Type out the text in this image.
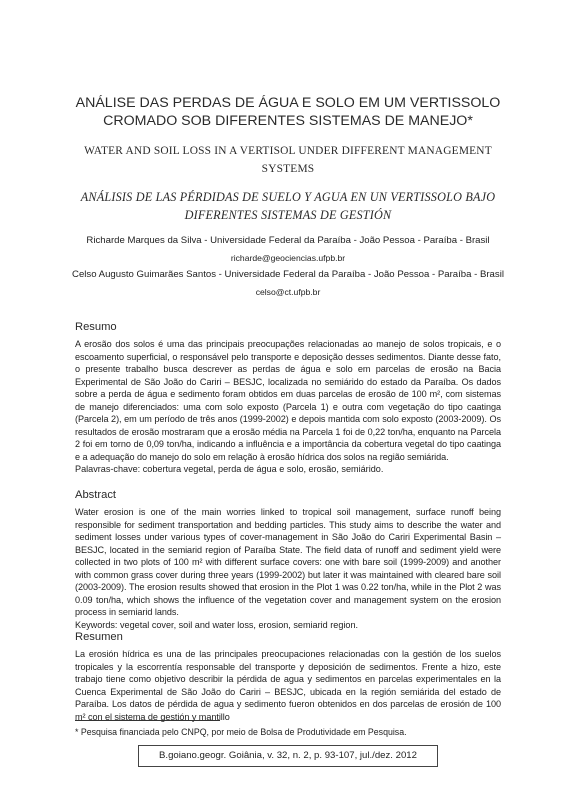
ANÁLISE DAS PERDAS DE ÁGUA E SOLO EM UM VERTISSOLO CROMADO SOB DIFERENTES SISTEMAS DE MANEJO*
WATER AND SOIL LOSS IN A VERTISOL UNDER DIFFERENT MANAGEMENT SYSTEMS
ANÁLISIS DE LAS PÉRDIDAS DE SUELO Y AGUA EN UN VERTISSOLO BAJO DIFERENTES SISTEMAS DE GESTIÓN
Richarde Marques da Silva - Universidade Federal da Paraíba - João Pessoa - Paraíba - Brasil
richarde@geociencias.ufpb.br
Celso Augusto Guimarães Santos - Universidade Federal da Paraíba - João Pessoa - Paraíba - Brasil
celso@ct.ufpb.br
Resumo

A erosão dos solos é uma das principais preocupações relacionadas ao manejo de solos tropicais, e o escoamento superficial, o responsável pelo transporte e deposição desses sedimentos. Diante desse fato, o presente trabalho busca descrever as perdas de água e solo em parcelas de erosão na Bacia Experimental de São João do Cariri – BESJC, localizada no semiárido do estado da Paraíba. Os dados sobre a perda de água e sedimento foram obtidos em duas parcelas de erosão de 100 m², com sistemas de manejo diferenciados: uma com solo exposto (Parcela 1) e outra com vegetação do tipo caatinga (Parcela 2), em um período de três anos (1999-2002) e depois mantida com solo exposto (2003-2009). Os resultados de erosão mostraram que a erosão média na Parcela 1 foi de 0,22 ton/ha, enquanto na Parcela 2 foi em torno de 0,09 ton/ha, indicando a influência e a importância da cobertura vegetal do tipo caatinga e a adequação do manejo do solo em relação à erosão hídrica dos solos na região semiárida.

Palavras-chave: cobertura vegetal, perda de água e solo, erosão, semiárido.
Abstract

Water erosion is one of the main worries linked to tropical soil management, surface runoff being responsible for sediment transportation and bedding particles. This study aims to describe the water and sediment losses under various types of cover-management in São João do Cariri Experimental Basin – BESJC, located in the semiarid region of Paraíba State. The field data of runoff and sediment yield were collected in two plots of 100 m² with different surface covers: one with bare soil (1999-2009) and another with common grass cover during three years (1999-2002) but later it was maintained with cleared bare soil (2003-2009). The erosion results showed that erosion in the Plot 1 was 0.22 ton/ha, while in the Plot 2 was 0.09 ton/ha, which shows the influence of the vegetation cover and management system on the erosion process in semiarid lands.

Keywords: vegetal cover, soil and water loss, erosion, semiarid region.
Resumen

La erosión hídrica es una de las principales preocupaciones relacionadas con la gestión de los suelos tropicales y la escorrentía responsable del transporte y deposición de sedimentos. Frente a hizo, este trabajo tiene como objetivo describir la pérdida de agua y sedimentos en parcelas experimentales en la Cuenca Experimental de São João do Cariri – BESJC, ubicada en la región semiárida del estado de Paraíba. Los datos de pérdida de agua y sedimento fueron obtenidos en dos parcelas de erosión de 100 m² con el sistema de gestión y mantillo

* Pesquisa financiada pelo CNPQ, por meio de Bolsa de Produtividade em Pesquisa.
B.goiano.geogr. Goiânia, v. 32, n. 2, p. 93-107, jul./dez. 2012
